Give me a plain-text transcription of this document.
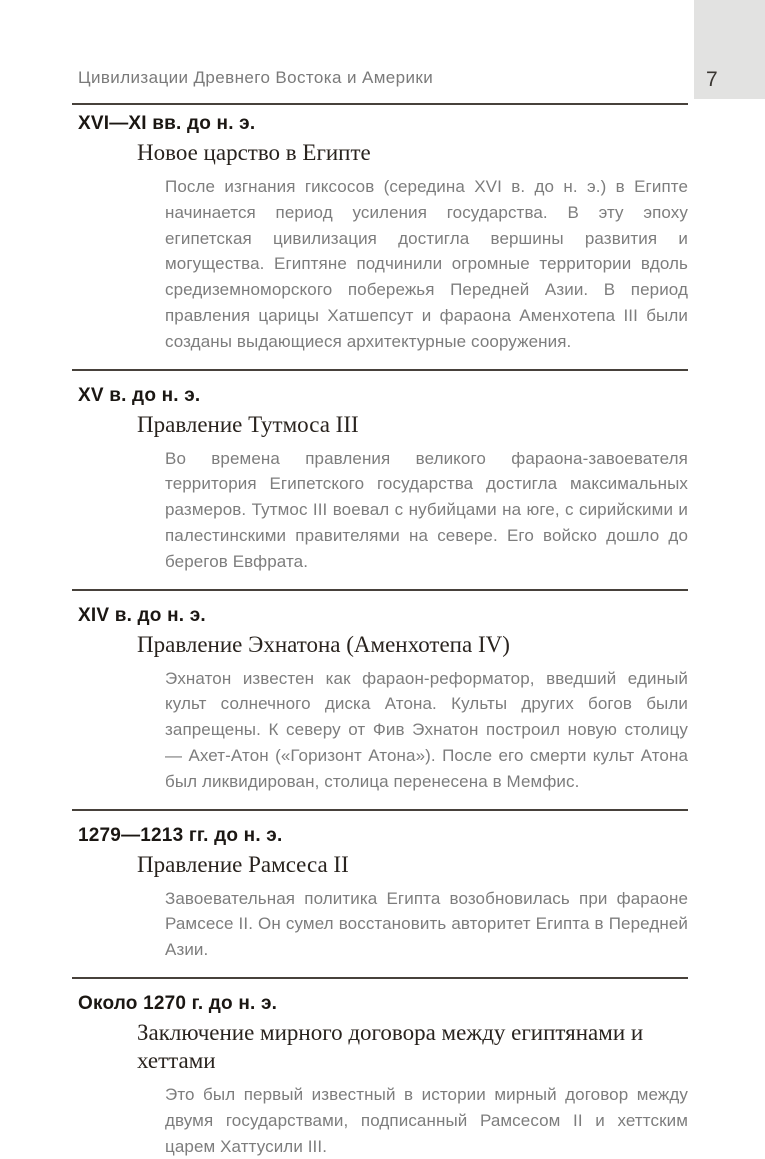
Цивилизации Древнего Востока и Америки	7
XVI—XI вв. до н. э.
Новое царство в Египте

После изгнания гиксосов (середина XVI в. до н. э.) в Египте начинается период усиления государства. В эту эпоху египетская цивилизация достигла вершины развития и могущества. Египтяне подчинили огромные территории вдоль средиземноморского побережья Передней Азии. В период правления царицы Хатшепсут и фараона Аменхотепа III были созданы выдающиеся архитектурные сооружения.

XV в. до н. э.
Правление Тутмоса III

Во времена правления великого фараона-завоевателя территория Египетского государства достигла максимальных размеров. Тутмос III воевал с нубийцами на юге, с сирийскими и палестинскими правителями на севере. Его войско дошло до берегов Евфрата.

XIV в. до н. э.
Правление Эхнатона (Аменхотепа IV)

Эхнатон известен как фараон-реформатор, введший единый культ солнечного диска Атона. Культы других богов были запрещены. К северу от Фив Эхнатон построил новую столицу — Ахет-Атон («Горизонт Атона»). После его смерти культ Атона был ликвидирован, столица перенесена в Мемфис.

1279—1213 гг. до н. э.
Правление Рамсеса II

Завоевательная политика Египта возобновилась при фараоне Рамсесе II. Он сумел восстановить авторитет Египта в Передней Азии.

Около 1270 г. до н. э.
Заключение мирного договора между египтянами и хеттами

Это был первый известный в истории мирный договор между двумя государствами, подписанный Рамсесом II и хеттским царем Хаттусили III.
